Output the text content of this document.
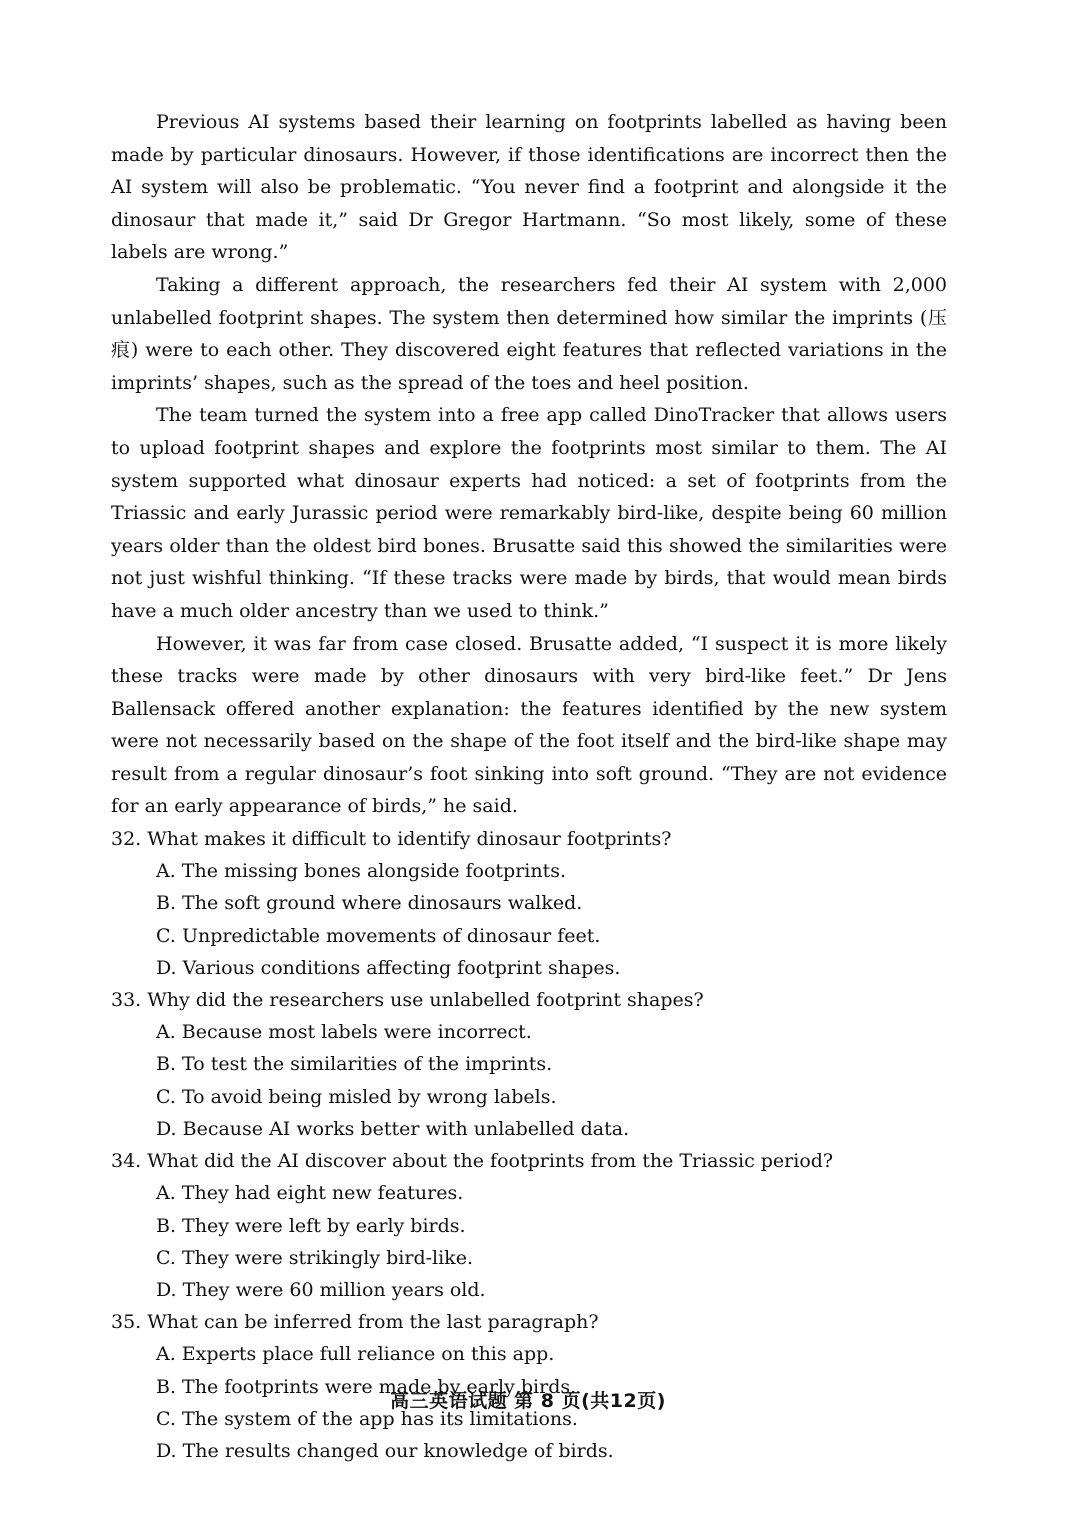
Previous AI systems based their learning on footprints labelled as having been made by particular dinosaurs. However, if those identifications are incorrect then the AI system will also be problematic. “You never find a footprint and alongside it the dinosaur that made it,” said Dr Gregor Hartmann. “So most likely, some of these labels are wrong.”

Taking a different approach, the researchers fed their AI system with 2,000 unlabelled footprint shapes. The system then determined how similar the imprints (压痕) were to each other. They discovered eight features that reflected variations in the imprints’ shapes, such as the spread of the toes and heel position.

The team turned the system into a free app called DinoTracker that allows users to upload footprint shapes and explore the footprints most similar to them. The AI system supported what dinosaur experts had noticed: a set of footprints from the Triassic and early Jurassic period were remarkably bird-like, despite being 60 million years older than the oldest bird bones. Brusatte said this showed the similarities were not just wishful thinking. “If these tracks were made by birds, that would mean birds have a much older ancestry than we used to think.”

However, it was far from case closed. Brusatte added, “I suspect it is more likely these tracks were made by other dinosaurs with very bird-like feet.” Dr Jens Ballensack offered another explanation: the features identified by the new system were not necessarily based on the shape of the foot itself and the bird-like shape may result from a regular dinosaur’s foot sinking into soft ground. “They are not evidence for an early appearance of birds,” he said.

32. What makes it difficult to identify dinosaur footprints?

A. The missing bones alongside footprints.

B. The soft ground where dinosaurs walked.

C. Unpredictable movements of dinosaur feet.

D. Various conditions affecting footprint shapes.

33. Why did the researchers use unlabelled footprint shapes?

A. Because most labels were incorrect.

B. To test the similarities of the imprints.

C. To avoid being misled by wrong labels.

D. Because AI works better with unlabelled data.

34. What did the AI discover about the footprints from the Triassic period?

A. They had eight new features.

B. They were left by early birds.

C. They were strikingly bird-like.

D. They were 60 million years old.

35. What can be inferred from the last paragraph?

A. Experts place full reliance on this app.

B. The footprints were made by early birds.

C. The system of the app has its limitations.

D. The results changed our knowledge of birds.

高三英语试题 第 8 页(共12页)
